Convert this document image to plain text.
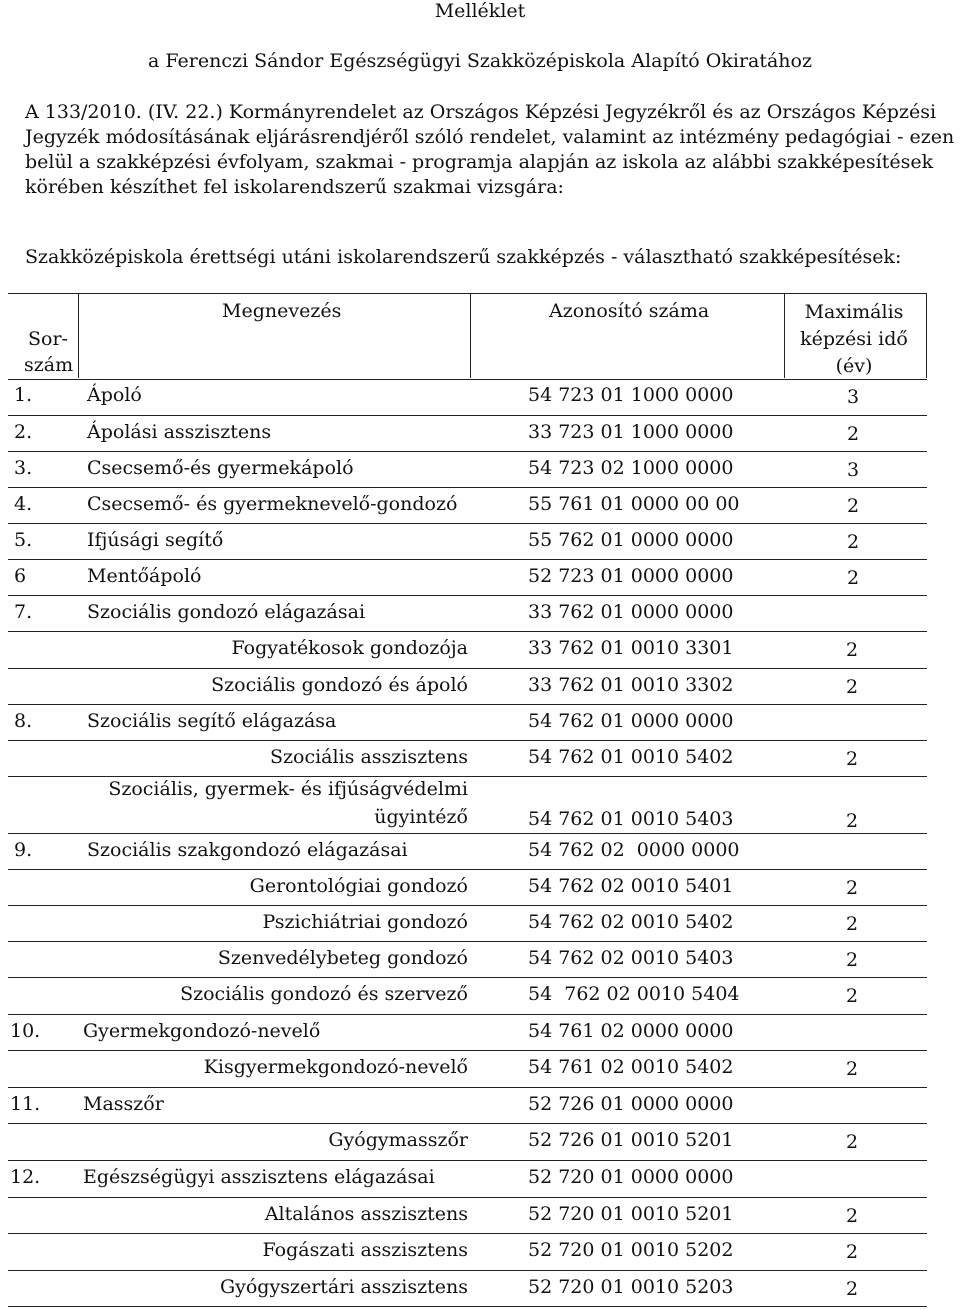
Melléklet
a Ferenczi Sándor Egészségügyi Szakközépiskola Alapító Okiratához
A 133/2010. (IV. 22.) Kormányrendelet az Országos Képzési Jegyzékről és az Országos Képzési
Jegyzék módosításának eljárásrendjéről szóló rendelet, valamint az intézmény pedagógiai - ezen
belül a szakképzési évfolyam, szakmai - programja alapján az iskola az alábbi szakképesítések
körében készíthet fel iskolarendszerű szakmai vizsgára:
Szakközépiskola érettségi utáni iskolarendszerű szakképzés - választható szakképesítések:
Sor-
szám
Megnevezés	Azonosító száma	Maximális
képzési idő
(év)
1.	Ápoló	54 723 01 1000 0000	3
2.	Ápolási asszisztens	33 723 01 1000 0000	2
3.	Csecsemő-és gyermekápoló	54 723 02 1000 0000	3
4.	Csecsemő- és gyermeknevelő-gondozó	55 761 01 0000 00 00	2
5.	Ifjúsági segítő	55 762 01 0000 0000	2
6	Mentőápoló	52 723 01 0000 0000	2
7.	Szociális gondozó elágazásai	33 762 01 0000 0000
Fogyatékosok gondozója	33 762 01 0010 3301	2
Szociális gondozó és ápoló	33 762 01 0010 3302	2
8.	Szociális segítő elágazása	54 762 01 0000 0000
Szociális asszisztens	54 762 01 0010 5402	2
Szociális, gyermek- és ifjúságvédelmi
ügyintéző	54 762 01 0010 5403	2
9.	Szociális szakgondozó elágazásai	54 762 02  0000 0000
Gerontológiai gondozó	54 762 02 0010 5401	2
Pszichiátriai gondozó	54 762 02 0010 5402	2
Szenvedélybeteg gondozó	54 762 02 0010 5403	2
Szociális gondozó és szervező	54  762 02 0010 5404	2
10. Gyermekgondozó-nevelő	54 761 02 0000 0000
Kisgyermekgondozó-nevelő	54 761 02 0010 5402	2
11. Masszőr	52 726 01 0000 0000
Gyógymasszőr	52 726 01 0010 5201	2
12. Egészségügyi asszisztens elágazásai	52 720 01 0000 0000
Altalános asszisztens	52 720 01 0010 5201	2
Fogászati asszisztens	52 720 01 0010 5202	2
Gyógyszertári asszisztens	52 720 01 0010 5203	2
